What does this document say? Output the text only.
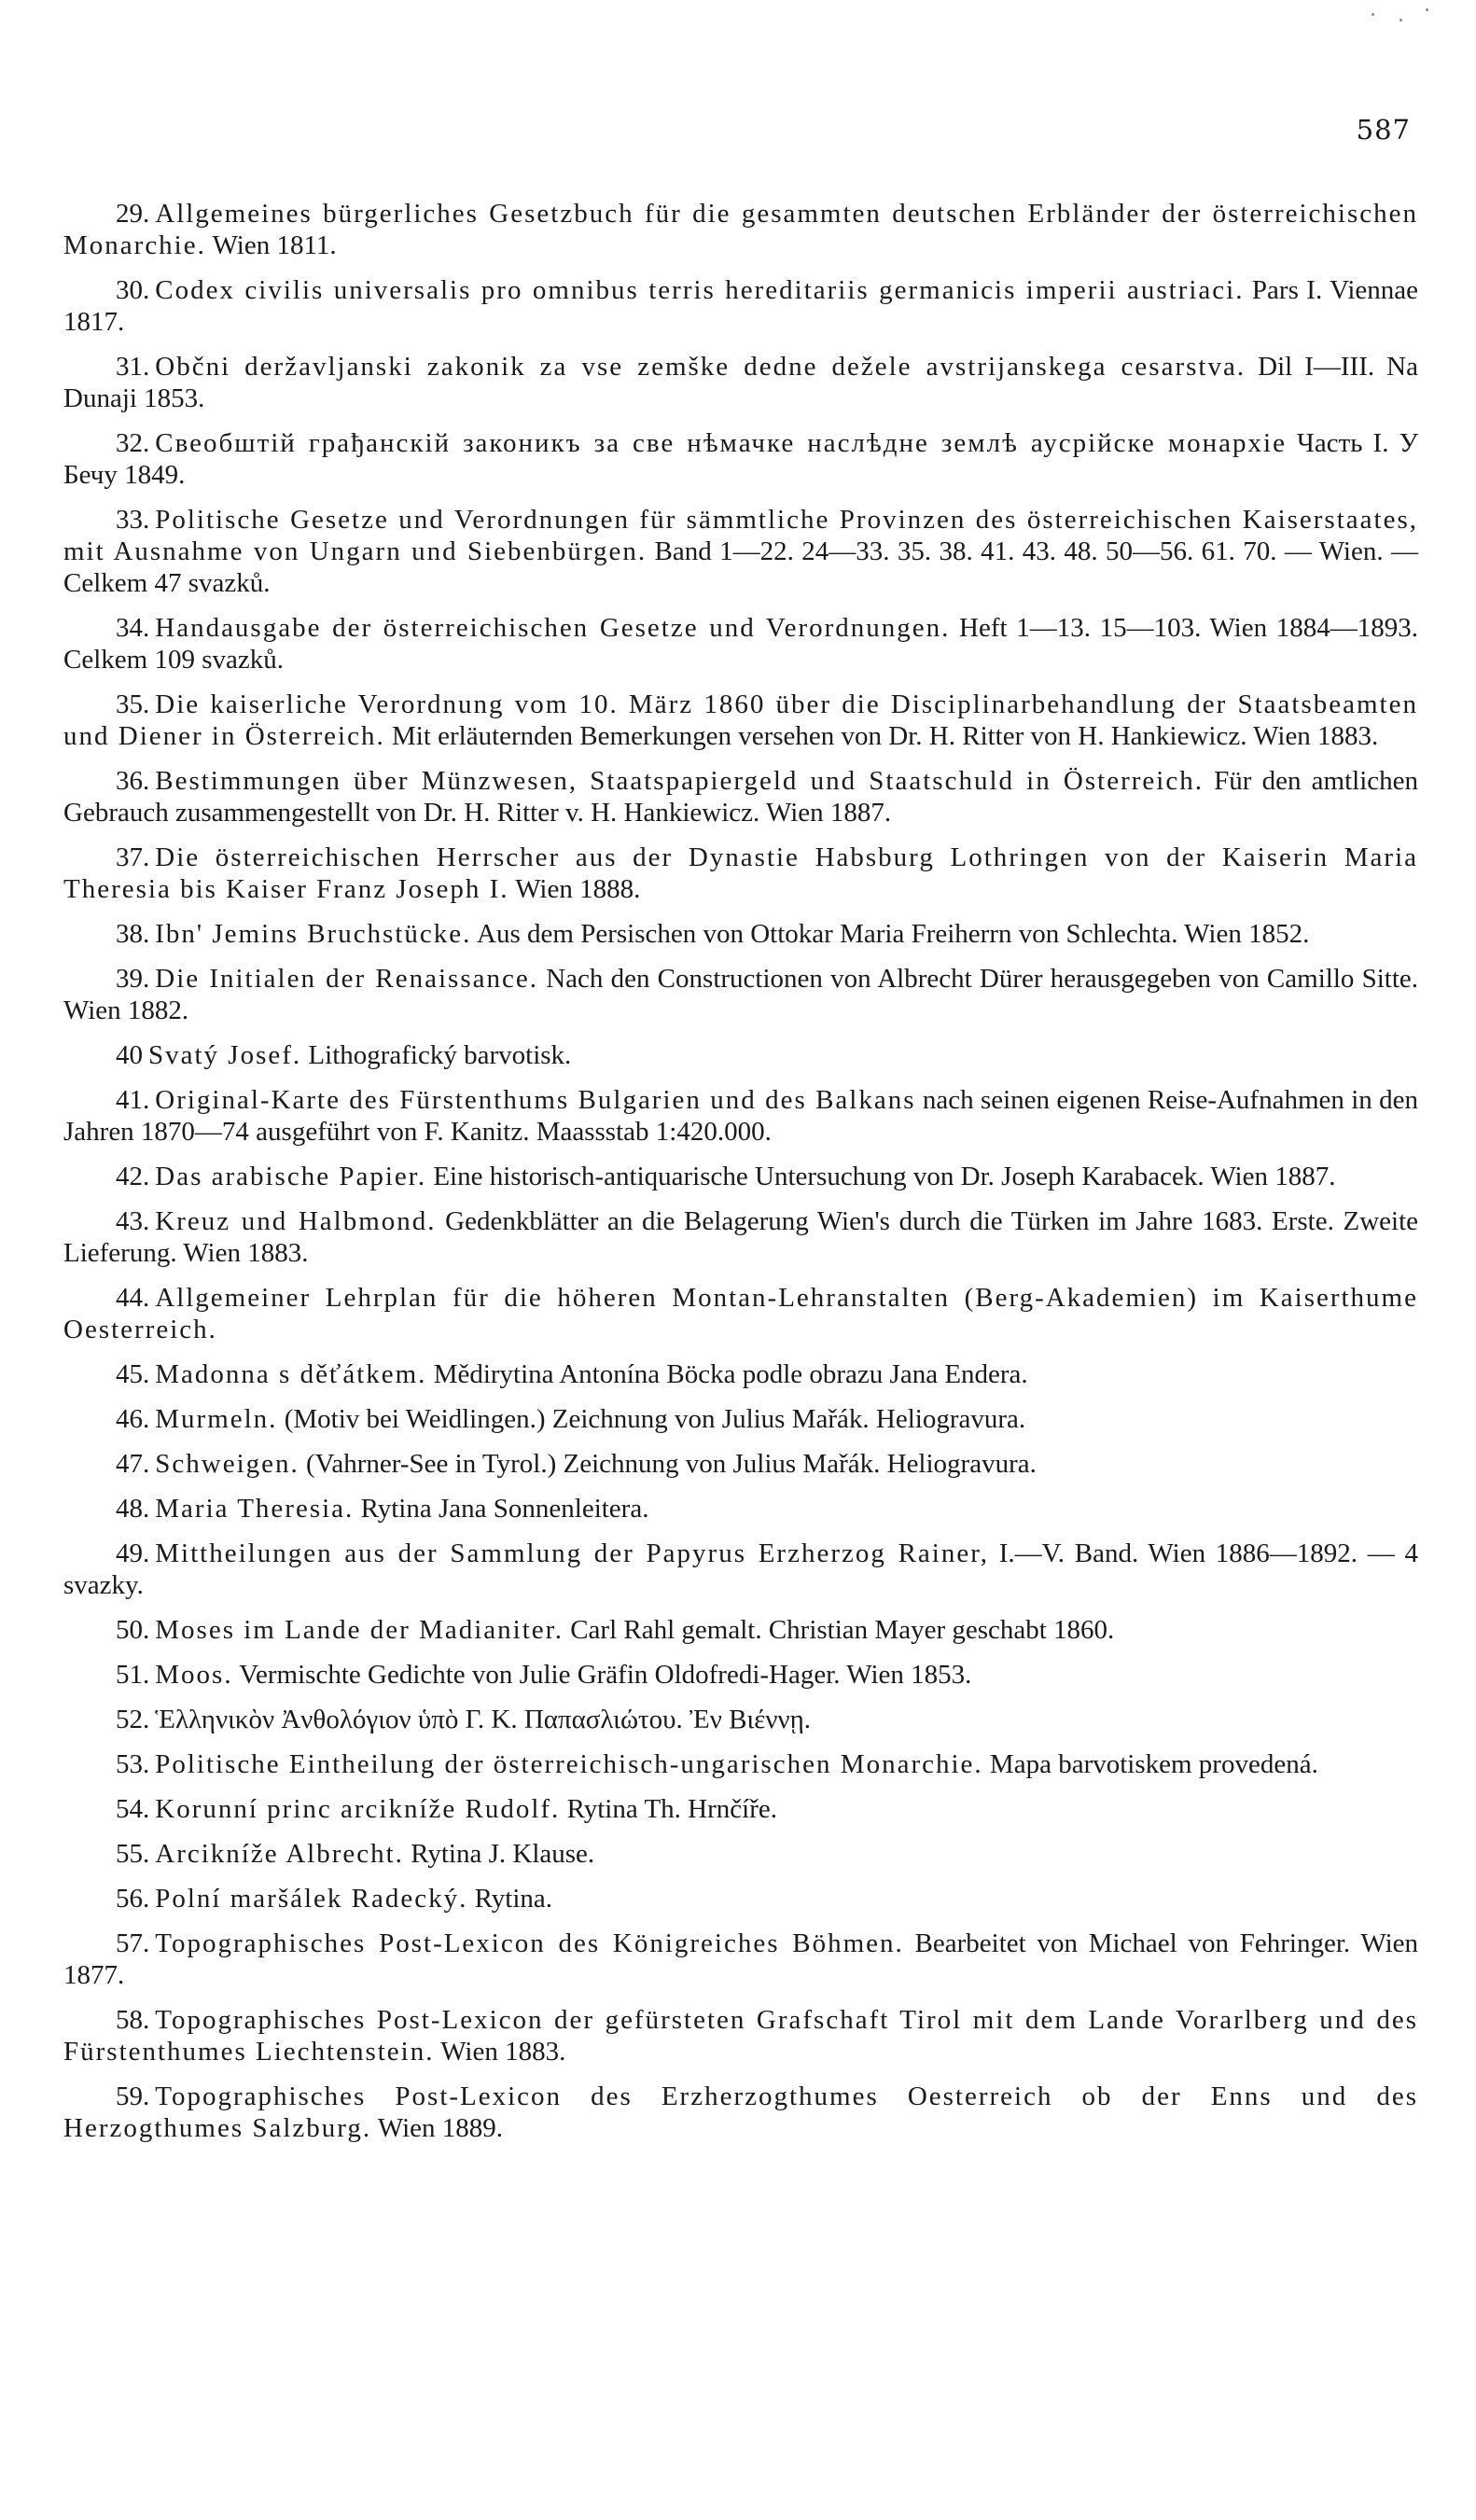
587

29. Allgemeines bürgerliches Gesetzbuch für die gesammten deutschen Erbländer der österreichischen Monarchie. Wien 1811.

30. Codex civilis universalis pro omnibus terris hereditariis germanicis imperii austriaci. Pars I. Viennae 1817.

31. Občni deržavljanski zakonik za vse zemške dedne dežele avstrijanskega cesarstva. Dil I—III. Na Dunaji 1853.

32. Свеобштій грађанскій законикъ за све нѣмачке наслѣдне землѣ аусрійске монархіе Часть I. У Бечу 1849.

33. Politische Gesetze und Verordnungen für sämmtliche Provinzen des österreichischen Kaiserstaates, mit Ausnahme von Ungarn und Siebenbürgen. Band 1—22. 24—33. 35. 38. 41. 43. 48. 50—56. 61. 70. — Wien. — Celkem 47 svazků.

34. Handausgabe der österreichischen Gesetze und Verordnungen. Heft 1—13. 15—103. Wien 1884—1893. Celkem 109 svazků.

35. Die kaiserliche Verordnung vom 10. März 1860 über die Disciplinarbehandlung der Staatsbeamten und Diener in Österreich. Mit erläuternden Bemerkungen versehen von Dr. H. Ritter von H. Hankiewicz. Wien 1883.

36. Bestimmungen über Münzwesen, Staatspapiergeld und Staatschuld in Österreich. Für den amtlichen Gebrauch zusammengestellt von Dr. H. Ritter v. H. Hankiewicz. Wien 1887.

37. Die österreichischen Herrscher aus der Dynastie Habsburg Lothringen von der Kaiserin Maria Theresia bis Kaiser Franz Joseph I. Wien 1888.

38. Ibn' Jemins Bruchstücke. Aus dem Persischen von Ottokar Maria Freiherrn von Schlechta. Wien 1852.

39. Die Initialen der Renaissance. Nach den Constructionen von Albrecht Dürer herausgegeben von Camillo Sitte. Wien 1882.

40 Svatý Josef. Lithografický barvotisk.

41. Original-Karte des Fürstenthums Bulgarien und des Balkans nach seinen eigenen Reise-Aufnahmen in den Jahren 1870—74 ausgeführt von F. Kanitz. Maassstab 1:420.000.

42. Das arabische Papier. Eine historisch-antiquarische Untersuchung von Dr. Joseph Karabacek. Wien 1887.

43. Kreuz und Halbmond. Gedenkblätter an die Belagerung Wien's durch die Türken im Jahre 1683. Erste. Zweite Lieferung. Wien 1883.

44. Allgemeiner Lehrplan für die höheren Montan-Lehranstalten (Berg-Akademien) im Kaiserthume Oesterreich.

45. Madonna s děťátkem. Mědirytina Antonína Böcka podle obrazu Jana Endera.

46. Murmeln. (Motiv bei Weidlingen.) Zeichnung von Julius Mařák. Heliogravura.

47. Schweigen. (Vahrner-See in Tyrol.) Zeichnung von Julius Mařák. Heliogravura.

48. Maria Theresia. Rytina Jana Sonnenleitera.

49. Mittheilungen aus der Sammlung der Papyrus Erzherzog Rainer, I.—V. Band. Wien 1886—1892. — 4 svazky.

50. Moses im Lande der Madianiter. Carl Rahl gemalt. Christian Mayer geschabt 1860.

51. Moos. Vermischte Gedichte von Julie Gräfin Oldofredi-Hager. Wien 1853.

52. Ἑλληνικὸν Ἀνθολόγιον ὑπὸ Γ. Κ. Παπασλιώτου. Ἐν Βιέννῃ.

53. Politische Eintheilung der österreichisch-ungarischen Monarchie. Mapa barvotiskem provedená.

54. Korunní princ arcikníže Rudolf. Rytina Th. Hrnčíře.

55. Arcikníže Albrecht. Rytina J. Klause.

56. Polní maršálek Radecký. Rytina.

57. Topographisches Post-Lexicon des Königreiches Böhmen. Bearbeitet von Michael von Fehringer. Wien 1877.

58. Topographisches Post-Lexicon der gefürsteten Grafschaft Tirol mit dem Lande Vorarlberg und des Fürstenthumes Liechtenstein. Wien 1883.

59. Topographisches Post-Lexicon des Erzherzogthumes Oesterreich ob der Enns und des Herzogthumes Salzburg. Wien 1889.
